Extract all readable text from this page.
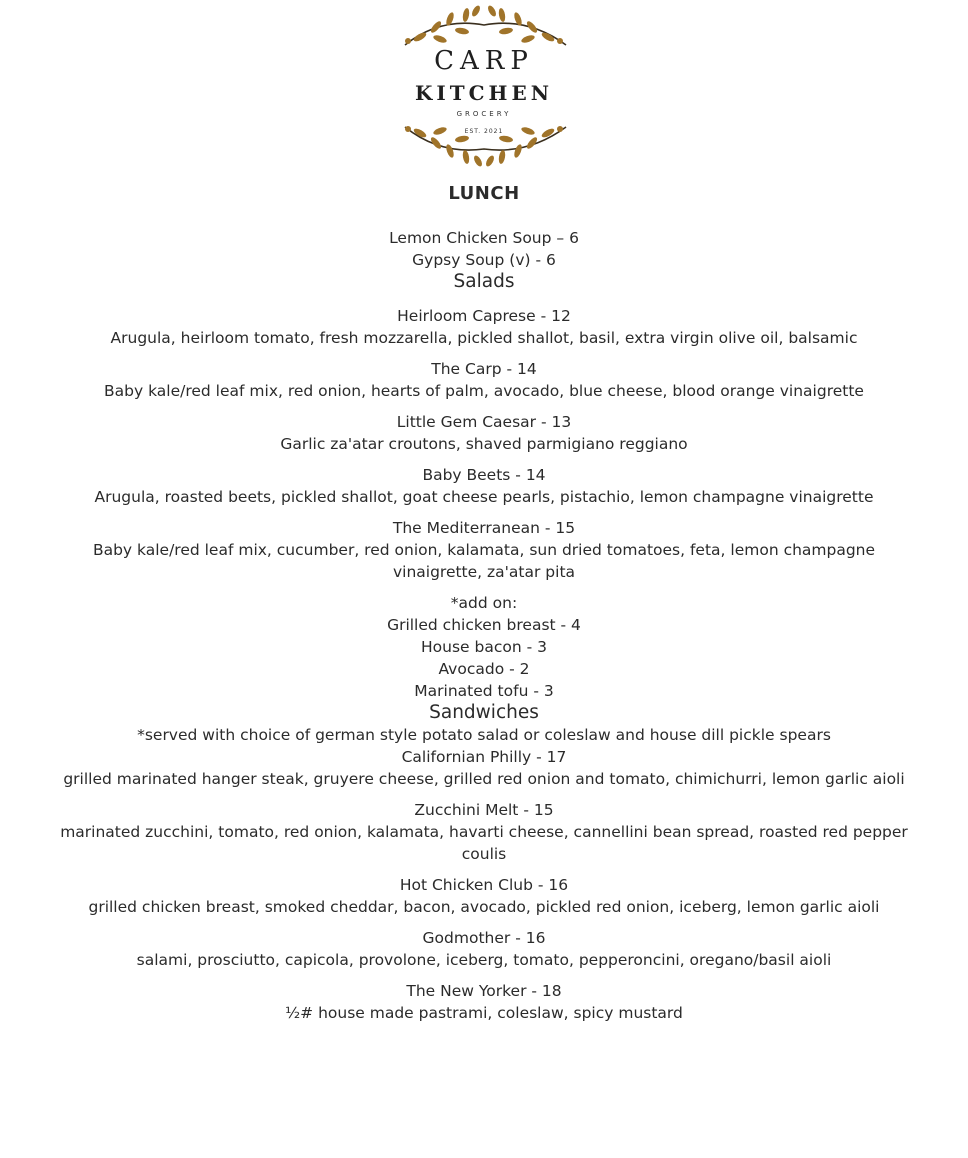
CARP
KITCHEN
GROCERY
EST. 2021

LUNCH

Lemon Chicken Soup – 6

Gypsy Soup (v) - 6

Salads

Heirloom Caprese - 12

Arugula, heirloom tomato, fresh mozzarella, pickled shallot, basil, extra virgin olive oil, balsamic

The Carp - 14

Baby kale/red leaf mix, red onion, hearts of palm, avocado, blue cheese, blood orange vinaigrette

Little Gem Caesar - 13

Garlic za'atar croutons, shaved parmigiano reggiano

Baby Beets - 14

Arugula, roasted beets, pickled shallot, goat cheese pearls, pistachio, lemon champagne vinaigrette

The Mediterranean - 15

Baby kale/red leaf mix, cucumber, red onion, kalamata, sun dried tomatoes, feta, lemon champagne vinaigrette, za'atar pita

*add on:

Grilled chicken breast - 4

House bacon - 3

Avocado - 2

Marinated tofu - 3

Sandwiches

*served with choice of german style potato salad or coleslaw and house dill pickle spears

Californian Philly - 17

grilled marinated hanger steak, gruyere cheese, grilled red onion and tomato, chimichurri, lemon garlic aioli

Zucchini Melt - 15

marinated zucchini, tomato, red onion, kalamata, havarti cheese, cannellini bean spread, roasted red pepper coulis

Hot Chicken Club - 16

grilled chicken breast, smoked cheddar, bacon, avocado, pickled red onion, iceberg, lemon garlic aioli

Godmother - 16

salami, prosciutto, capicola, provolone, iceberg, tomato, pepperoncini, oregano/basil aioli

The New Yorker - 18

½# house made pastrami, coleslaw, spicy mustard
